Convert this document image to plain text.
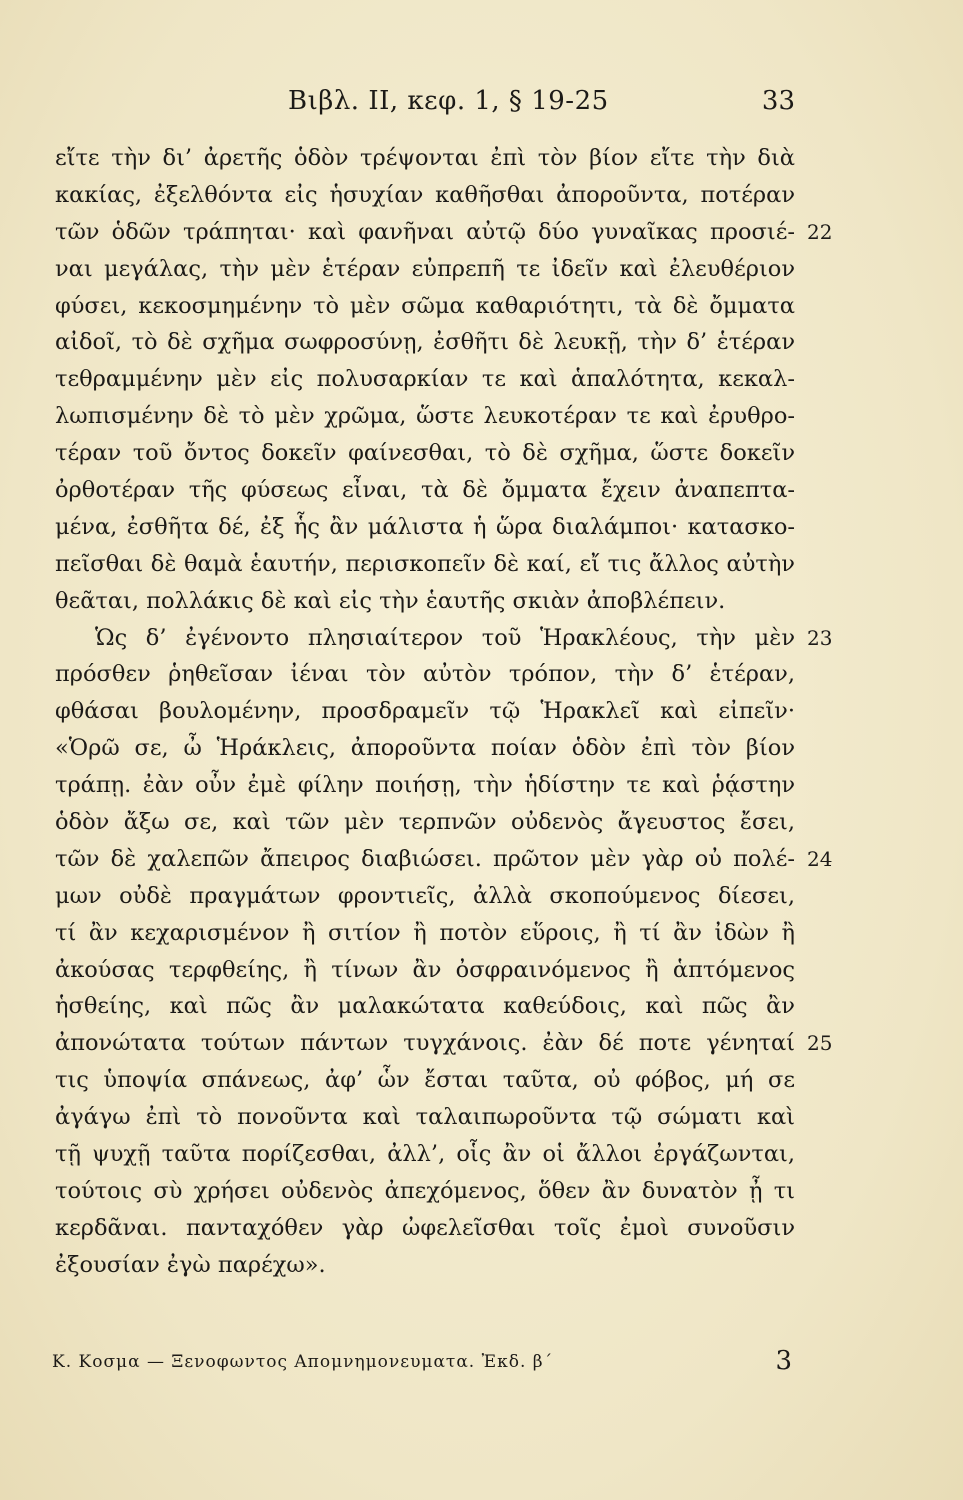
Βιβλ. II, κεφ. 1, § 19-25	33
εἴτε τὴν δι’ ἀρετῆς ὁδὸν τρέψονται ἐπὶ τὸν βίον εἴτε τὴν διὰ
κακίας, ἐξελθόντα εἰς ἡσυχίαν καθῆσθαι ἀποροῦντα, ποτέραν
τῶν ὁδῶν τράπηται· καὶ φανῆναι αὐτῷ δύο γυναῖκας προσιέ- 22
ναι μεγάλας, τὴν μὲν ἑτέραν εὐπρεπῆ τε ἰδεῖν καὶ ἐλευθέριον
φύσει, κεκοσμημένην τὸ μὲν σῶμα καθαριότητι, τὰ δὲ ὄμματα
αἰδοῖ, τὸ δὲ σχῆμα σωφροσύνῃ, ἐσθῆτι δὲ λευκῇ, τὴν δ’ ἑτέραν
τεθραμμένην μὲν εἰς πολυσαρκίαν τε καὶ ἁπαλότητα, κεκαλ-
λωπισμένην δὲ τὸ μὲν χρῶμα, ὥστε λευκοτέραν τε καὶ ἐρυθρο-
τέραν τοῦ ὄντος δοκεῖν φαίνεσθαι, τὸ δὲ σχῆμα, ὥστε δοκεῖν
ὀρθοτέραν τῆς φύσεως εἶναι, τὰ δὲ ὄμματα ἔχειν ἀναπεπτα-
μένα, ἐσθῆτα δέ, ἐξ ἧς ἂν μάλιστα ἡ ὥρα διαλάμποι· κατασκο-
πεῖσθαι δὲ θαμὰ ἑαυτήν, περισκοπεῖν δὲ καί, εἴ τις ἄλλος αὐτὴν
θεᾶται, πολλάκις δὲ καὶ εἰς τὴν ἑαυτῆς σκιὰν ἀποβλέπειν.
Ὡς δ’ ἐγένοντο πλησιαίτερον τοῦ Ἡρακλέους, τὴν μὲν 23
πρόσθεν ῥηθεῖσαν ἰέναι τὸν αὐτὸν τρόπον, τὴν δ’ ἑτέραν,
φθάσαι βουλομένην, προσδραμεῖν τῷ Ἡρακλεῖ καὶ εἰπεῖν·
«Ὁρῶ σε, ὦ Ἡράκλεις, ἀποροῦντα ποίαν ὁδὸν ἐπὶ τὸν βίον
τράπῃ. ἐὰν οὖν ἐμὲ φίλην ποιήσῃ, τὴν ἡδίστην τε καὶ ῥᾴστην
ὁδὸν ἄξω σε, καὶ τῶν μὲν τερπνῶν οὐδενὸς ἄγευστος ἔσει,
τῶν δὲ χαλεπῶν ἄπειρος διαβιώσει. πρῶτον μὲν γὰρ οὐ πολέ- 24
μων οὐδὲ πραγμάτων φροντιεῖς, ἀλλὰ σκοπούμενος δίεσει,
τί ἂν κεχαρισμένον ἢ σιτίον ἢ ποτὸν εὕροις, ἢ τί ἂν ἰδὼν ἢ
ἀκούσας τερφθείης, ἢ τίνων ἂν ὀσφραινόμενος ἢ ἁπτόμενος
ἡσθείης, καὶ πῶς ἂν μαλακώτατα καθεύδοις, καὶ πῶς ἂν
ἀπονώτατα τούτων πάντων τυγχάνοις. ἐὰν δέ ποτε γένηταί 25
τις ὑποψία σπάνεως, ἀφ’ ὧν ἔσται ταῦτα, οὐ φόβος, μή σε
ἀγάγω ἐπὶ τὸ πονοῦντα καὶ ταλαιπωροῦντα τῷ σώματι καὶ
τῇ ψυχῇ ταῦτα πορίζεσθαι, ἀλλ’, οἷς ἂν οἱ ἄλλοι ἐργάζωνται,
τούτοις σὺ χρήσει οὐδενὸς ἀπεχόμενος, ὅθεν ἂν δυνατὸν ᾖ τι
κερδᾶναι. πανταχόθεν γὰρ ὠφελεῖσθαι τοῖς ἐμοὶ συνοῦσιν
ἐξουσίαν ἐγὼ παρέχω».
Κ. Κοσμα — Ξενοφωντος Απομνημονευματα. Ἐκδ. β΄	3
